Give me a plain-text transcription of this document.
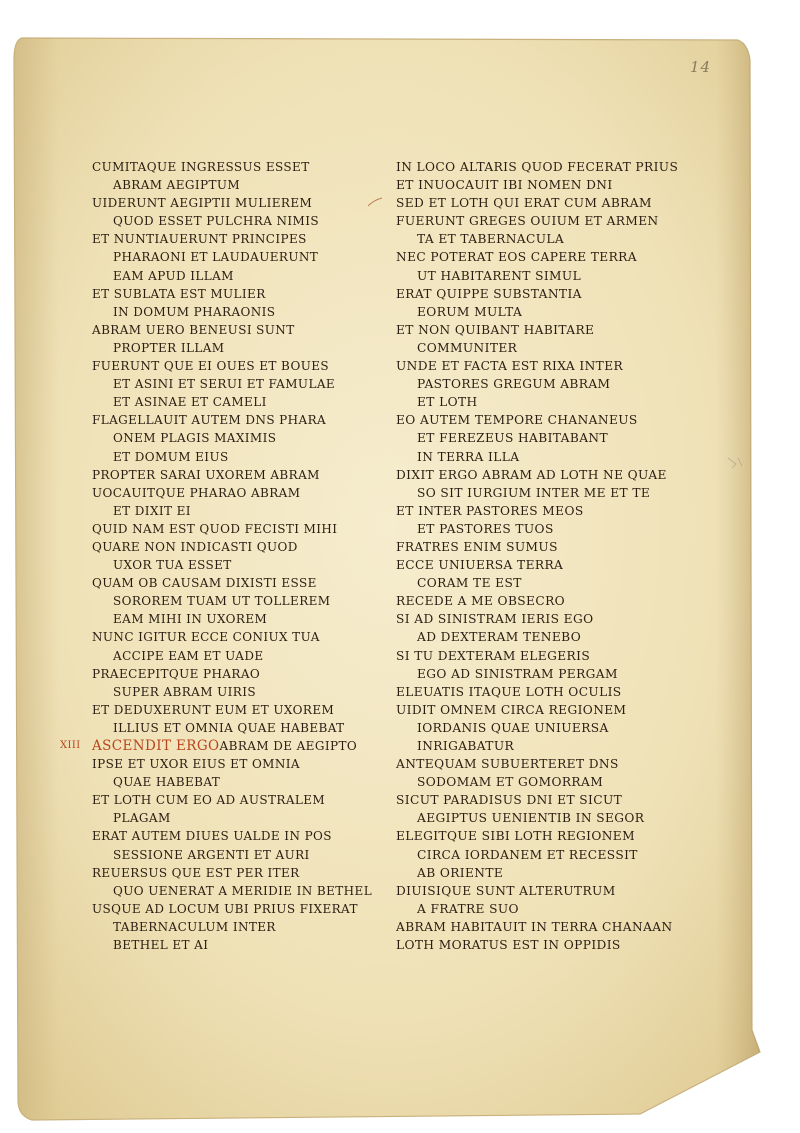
14
CUMITAQUE INGRESSUS ESSET
ABRAM AEGIPTUM
UIDERUNT AEGIPTII MULIEREM
QUOD ESSET PULCHRA NIMIS
ET NUNTIAUERUNT PRINCIPES
PHARAONI ET LAUDAUERUNT
EAM APUD ILLAM
ET SUBLATA EST MULIER
IN DOMUM PHARAONIS
ABRAM UERO BENEUSI SUNT
PROPTER ILLAM
FUERUNT QUE EI OUES ET BOUES
ET ASINI ET SERUI ET FAMULAE
ET ASINAE ET CAMELI
FLAGELLAUIT AUTEM DNS PHARA
ONEM PLAGIS MAXIMIS
ET DOMUM EIUS
PROPTER SARAI UXOREM ABRAM
UOCAUITQUE PHARAO ABRAM
ET DIXIT EI
QUID NAM EST QUOD FECISTI MIHI
QUARE NON INDICASTI QUOD
UXOR TUA ESSET
QUAM OB CAUSAM DIXISTI ESSE
SOROREM TUAM UT TOLLEREM
EAM MIHI IN UXOREM
NUNC IGITUR ECCE CONIUX TUA
ACCIPE EAM ET UADE
PRAECEPITQUE PHARAO
SUPER ABRAM UIRIS
ET DEDUXERUNT EUM ET UXOREM
ILLIUS ET OMNIA QUAE HABEBAT
XIII ASCENDIT ERGOABRAM DE AEGIPTO
IPSE ET UXOR EIUS ET OMNIA
QUAE HABEBAT
ET LOTH CUM EO AD AUSTRALEM
PLAGAM
ERAT AUTEM DIUES UALDE IN POS
SESSIONE ARGENTI ET AURI
REUERSUS QUE EST PER ITER
QUO UENERAT A MERIDIE IN BETHEL
USQUE AD LOCUM UBI PRIUS FIXERAT
TABERNACULUM INTER
BETHEL ET AI
IN LOCO ALTARIS QUOD FECERAT PRIUS
ET INUOCAUIT IBI NOMEN DNI
SED ET LOTH QUI ERAT CUM ABRAM
FUERUNT GREGES OUIUM ET ARMEN
TA ET TABERNACULA
NEC POTERAT EOS CAPERE TERRA
UT HABITARENT SIMUL
ERAT QUIPPE SUBSTANTIA
EORUM MULTA
ET NON QUIBANT HABITARE
COMMUNITER
UNDE ET FACTA EST RIXA INTER
PASTORES GREGUM ABRAM
ET LOTH
EO AUTEM TEMPORE CHANANEUS
ET FEREZEUS HABITABANT
IN TERRA ILLA
DIXIT ERGO ABRAM AD LOTH NE QUAE
SO SIT IURGIUM INTER ME ET TE
ET INTER PASTORES MEOS
ET PASTORES TUOS
FRATRES ENIM SUMUS
ECCE UNIUERSA TERRA
CORAM TE EST
RECEDE A ME OBSECRO
SI AD SINISTRAM IERIS EGO
AD DEXTERAM TENEBO
SI TU DEXTERAM ELEGERIS
EGO AD SINISTRAM PERGAM
ELEUATIS ITAQUE LOTH OCULIS
UIDIT OMNEM CIRCA REGIONEM
IORDANIS QUAE UNIUERSA
INRIGABATUR
ANTEQUAM SUBUERTERET DNS
SODOMAM ET GOMORRAM
SICUT PARADISUS DNI ET SICUT
AEGIPTUS UENIENTIB IN SEGOR
ELEGITQUE SIBI LOTH REGIONEM
CIRCA IORDANEM ET RECESSIT
AB ORIENTE
DIUISIQUE SUNT ALTERUTRUM
A FRATRE SUO
ABRAM HABITAUIT IN TERRA CHANAAN
LOTH MORATUS EST IN OPPIDIS
